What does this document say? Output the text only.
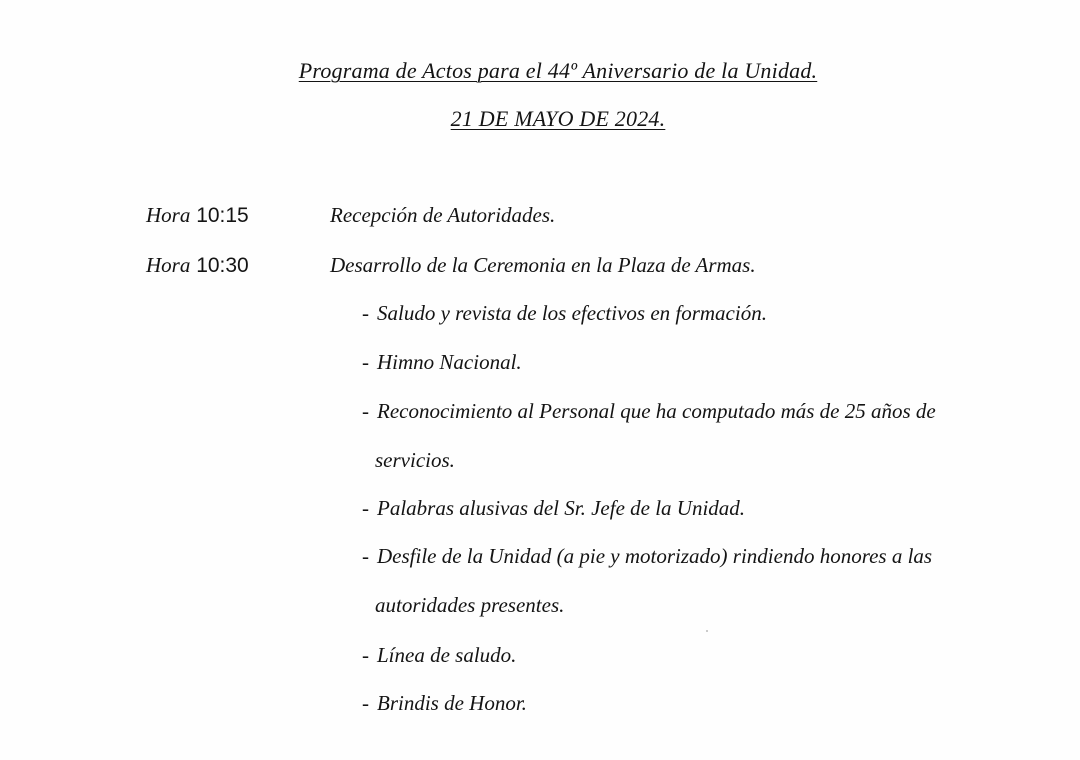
Programa de Actos para el 44º Aniversario de la Unidad.
21 DE MAYO DE 2024.
Hora 10:15	Recepción de Autoridades.
Hora 10:30	Desarrollo de la Ceremonia en la Plaza de Armas.
- Saludo y revista de los efectivos en formación.
- Himno Nacional.
- Reconocimiento al Personal que ha computado más de 25 años de
servicios.
- Palabras alusivas del Sr. Jefe de la Unidad.
- Desfile de la Unidad (a pie y motorizado) rindiendo honores a las
autoridades presentes.
- Línea de saludo.
- Brindis de Honor.
